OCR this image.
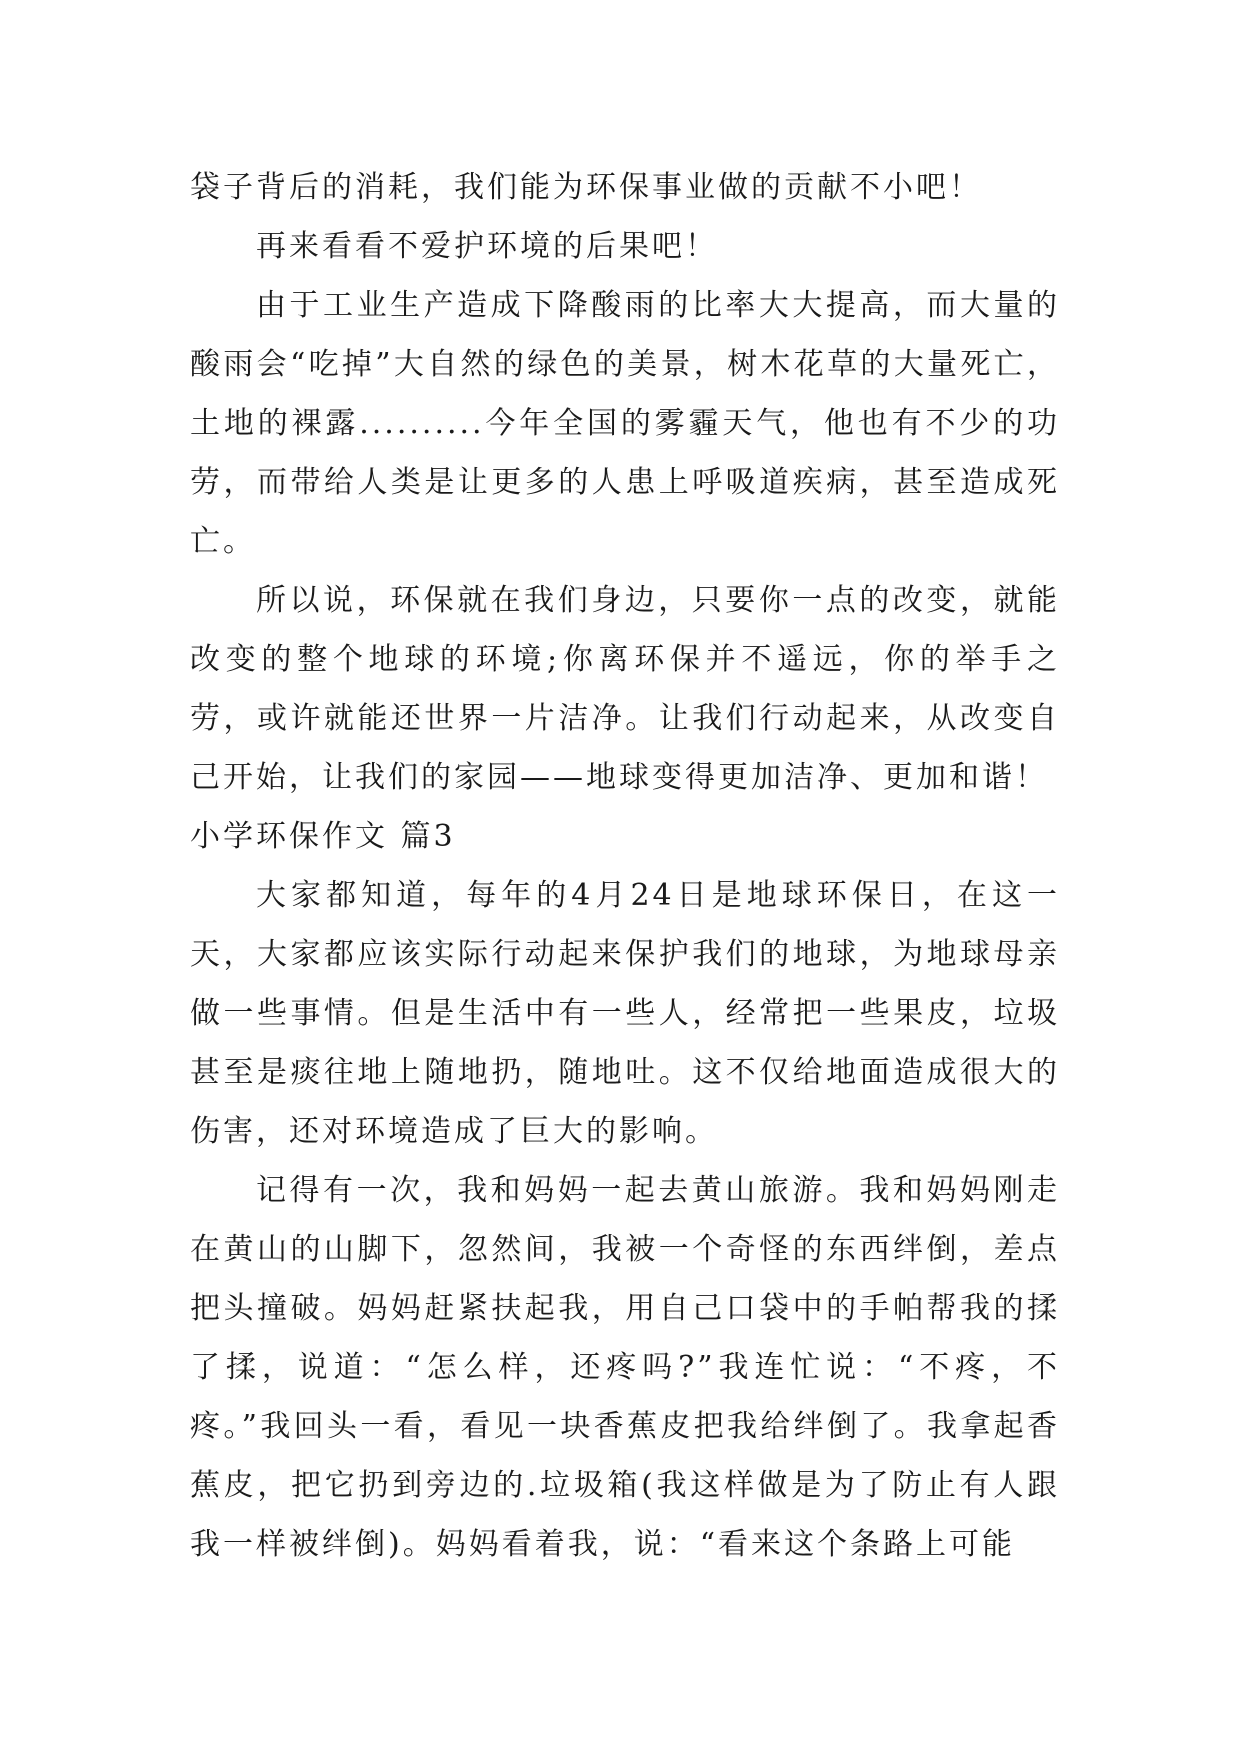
袋子背后的消耗，我们能为环保事业做的贡献不小吧！

再来看看不爱护环境的后果吧！

由于工业生产造成下降酸雨的比率大大提高，而大量的酸雨会“吃掉”大自然的绿色的美景，树木花草的大量死亡，土地的裸露..........今年全国的雾霾天气，他也有不少的功劳，而带给人类是让更多的人患上呼吸道疾病，甚至造成死亡。

所以说，环保就在我们身边，只要你一点的改变，就能改变的整个地球的环境;你离环保并不遥远，你的举手之劳，或许就能还世界一片洁净。让我们行动起来，从改变自己开始，让我们的家园——地球变得更加洁净、更加和谐！

小学环保作文 篇3

大家都知道，每年的4月24日是地球环保日，在这一天，大家都应该实际行动起来保护我们的地球，为地球母亲做一些事情。但是生活中有一些人，经常把一些果皮，垃圾甚至是痰往地上随地扔，随地吐。这不仅给地面造成很大的伤害，还对环境造成了巨大的影响。

记得有一次，我和妈妈一起去黄山旅游。我和妈妈刚走在黄山的山脚下，忽然间，我被一个奇怪的东西绊倒，差点把头撞破。妈妈赶紧扶起我，用自己口袋中的手帕帮我的揉了揉，说道：“怎么样，还疼吗?”我连忙说：“不疼，不疼。”我回头一看，看见一块香蕉皮把我给绊倒了。我拿起香蕉皮，把它扔到旁边的.垃圾箱(我这样做是为了防止有人跟我一样被绊倒)。妈妈看着我，说：“看来这个条路上可能
